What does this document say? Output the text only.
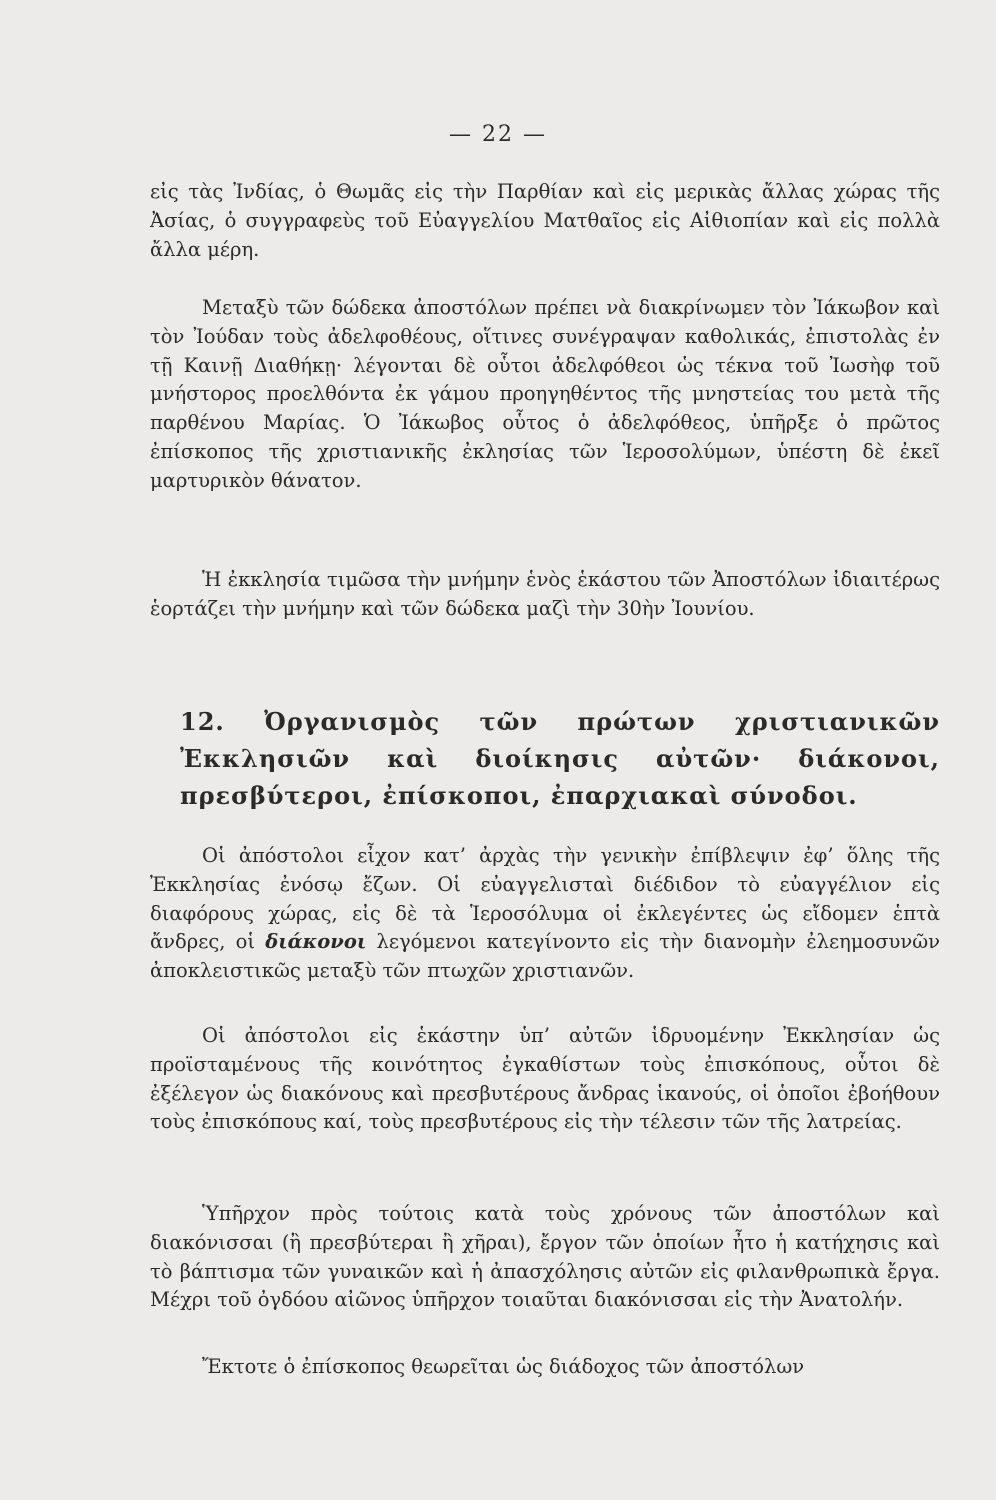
— 22 —

εἰς τὰς Ἰνδίας, ὁ Θωμᾶς εἰς τὴν Παρθίαν καὶ εἰς μερικὰς ἄλλας χώρας τῆς Ἀσίας, ὁ συγγραφεὺς τοῦ Εὐαγγελίου Ματθαῖος εἰς Αἰθιοπίαν καὶ εἰς πολλὰ ἄλλα μέρη.

Μεταξὺ τῶν δώδεκα ἀποστόλων πρέπει νὰ διακρίνωμεν τὸν Ἰάκωβον καὶ τὸν Ἰούδαν τοὺς ἀδελφοθέους, οἵτινες συνέγραψαν καθολικάς, ἐπιστολὰς ἐν τῇ Καινῇ Διαθήκῃ· λέγονται δὲ οὗτοι ἀδελφόθεοι ὡς τέκνα τοῦ Ἰωσὴφ τοῦ μνήστορος προελθόντα ἐκ γάμου προηγηθέντος τῆς μνηστείας του μετὰ τῆς παρθένου Μαρίας. Ὁ Ἰάκωβος οὗτος ὁ ἀδελφόθεος, ὑπῆρξε ὁ πρῶτος ἐπίσκοπος τῆς χριστιανικῆς ἐκλησίας τῶν Ἱεροσολύμων, ὑπέστη δὲ ἐκεῖ μαρτυρικὸν θάνατον.

Ἡ ἐκκλησία τιμῶσα τὴν μνήμην ἑνὸς ἑκάστου τῶν Ἀποστόλων ἰδιαιτέρως ἑορτάζει τὴν μνήμην καὶ τῶν δώδεκα μαζὶ τὴν 30ὴν Ἰουνίου.

12. Ὀργανισμὸς τῶν πρώτων χριστιανικῶν Ἐκκλησιῶν καὶ διοίκησις αὐτῶν· διάκονοι, πρεσβύτεροι, ἐπίσκοποι, ἐπαρχιακαὶ σύνοδοι.

Οἱ ἀπόστολοι εἶχον κατ’ ἀρχὰς τὴν γενικὴν ἐπίβλεψιν ἐφ’ ὅλης τῆς Ἐκκλησίας ἐνόσῳ ἔζων. Οἱ εὐαγγελισταὶ διέδιδον τὸ εὐαγγέλιον εἰς διαφόρους χώρας, εἰς δὲ τὰ Ἱεροσόλυμα οἱ ἐκλεγέντες ὡς εἴδομεν ἑπτὰ ἄνδρες, οἱ διάκονοι λεγόμενοι κατεγίνοντο εἰς τὴν διανομὴν ἐλεημοσυνῶν ἀποκλειστικῶς μεταξὺ τῶν πτωχῶν χριστιανῶν.

Οἱ ἀπόστολοι εἰς ἑκάστην ὑπ’ αὐτῶν ἱδρυομένην Ἐκκλησίαν ὡς προϊσταμένους τῆς κοινότητος ἐγκαθίστων τοὺς ἐπισκόπους, οὗτοι δὲ ἐξέλεγον ὡς διακόνους καὶ πρεσβυτέρους ἄνδρας ἱκανούς, οἱ ὁποῖοι ἐβοήθουν τοὺς ἐπισκόπους καί, τοὺς πρεσβυτέρους εἰς τὴν τέλεσιν τῶν τῆς λατρείας.

Ὑπῆρχον πρὸς τούτοις κατὰ τοὺς χρόνους τῶν ἀποστόλων καὶ διακόνισσαι (ἢ πρεσβύτεραι ἢ χῆραι), ἔργον τῶν ὁποίων ἦτο ἡ κατήχησις καὶ τὸ βάπτισμα τῶν γυναικῶν καὶ ἡ ἀπασχόλησις αὐτῶν εἰς φιλανθρωπικὰ ἔργα. Μέχρι τοῦ ὀγδόου αἰῶνος ὑπῆρχον τοιαῦται διακόνισσαι εἰς τὴν Ἀνατολήν.

Ἔκτοτε ὁ ἐπίσκοπος θεωρεῖται ὡς διάδοχος τῶν ἀποστόλων
